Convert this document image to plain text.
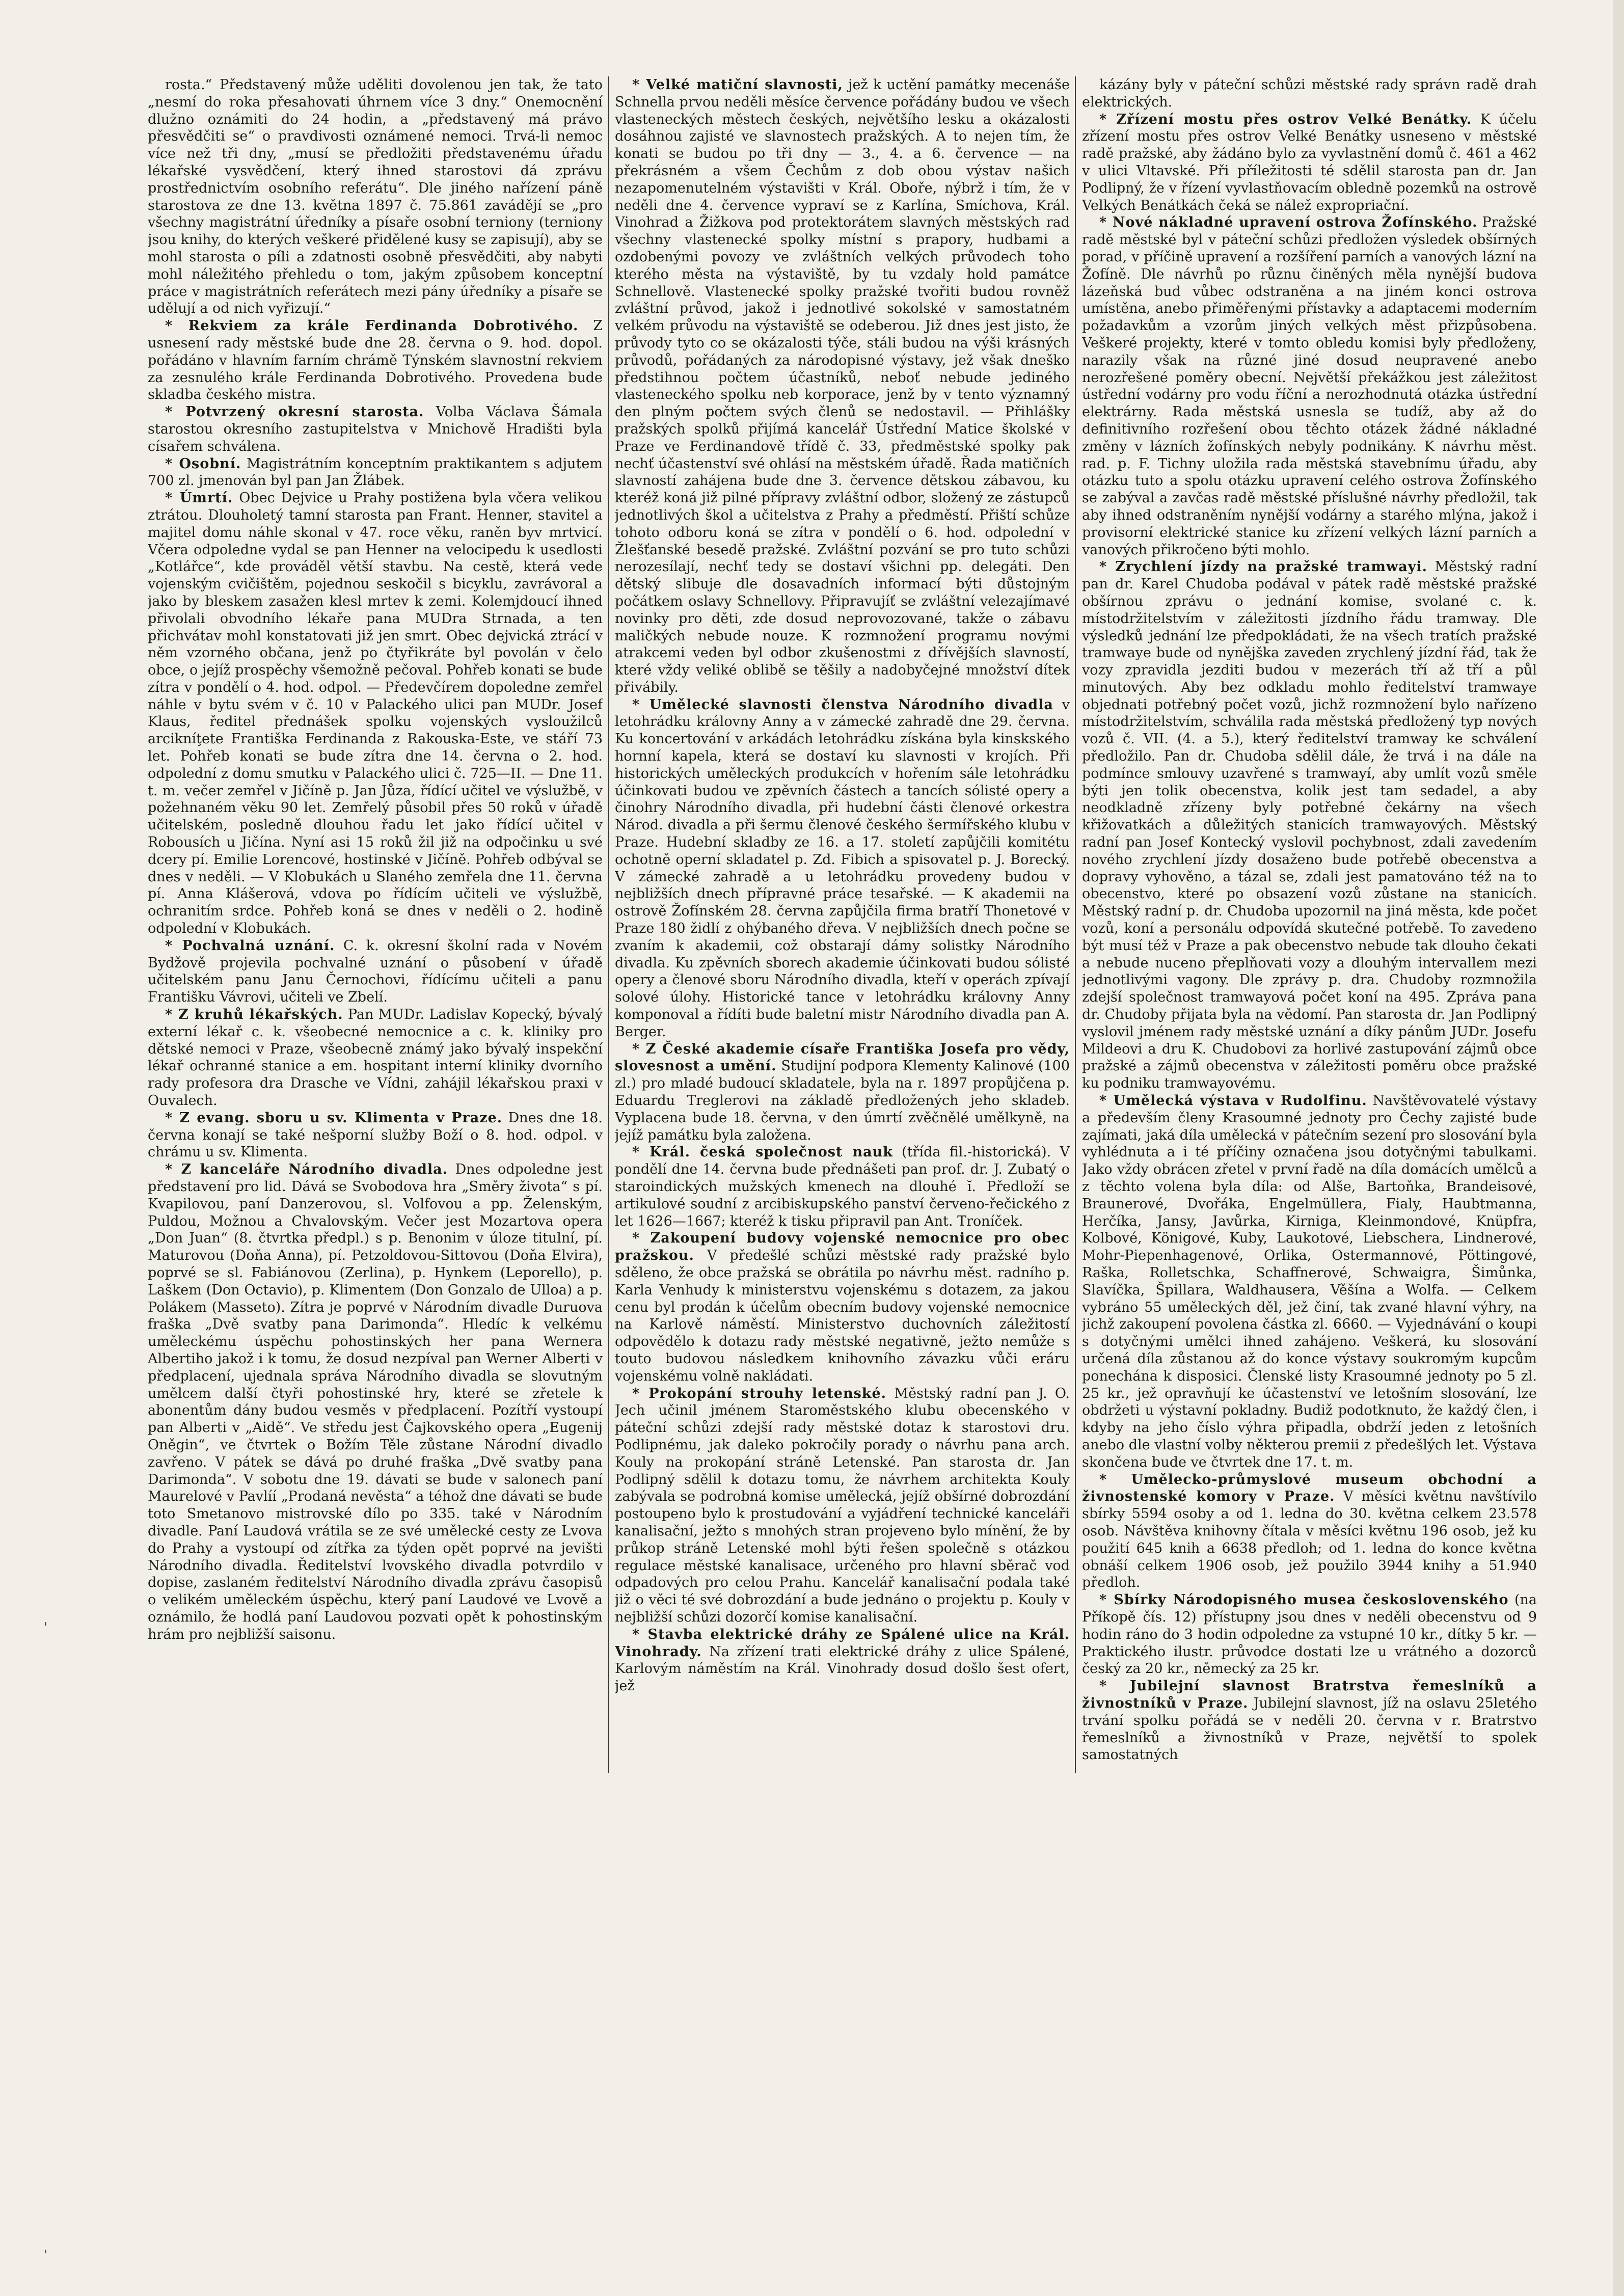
rosta.“ Představený může uděliti dovolenou jen tak, že tato „nesmí do roka přesahovati úhrnem více 3 dny.“ Onemocnění dlužno oznámiti do 24 hodin, a „představený má právo přesvědčiti se“ o pravdivosti oznámené nemoci. Trvá-li nemoc více než tři dny, „musí se předložiti představenému úřadu lékařské vysvědčení, který ihned starostovi dá zprávu prostřednictvím osobního referátu“. Dle jiného nařízení páně starostova ze dne 13. května 1897 č. 75.861 zavádějí se „pro všechny magistrátní úředníky a písaře osobní terniony (terniony jsou knihy, do kterých veškeré přidělené kusy se zapisují), aby se mohl starosta o píli a zdatnosti osobně přesvědčiti, aby nabyti mohl náležitého přehledu o tom, jakým způsobem konceptní práce v magistrátních referátech mezi pány úředníky a písaře se udělují a od nich vyřizují.“

* Rekviem za krále Ferdinanda Dobrotivého. Z usnesení rady městské bude dne 28. června o 9. hod. dopol. pořádáno v hlavním farním chrámě Týnském slavnostní rekviem za zesnulého krále Ferdinanda Dobrotivého. Provedena bude skladba českého mistra.

* Potvrzený okresní starosta. Volba Václava Šámala starostou okresního zastupitelstva v Mnichově Hradišti byla císařem schválena.

* Osobní. Magistrátním konceptním praktikantem s adjutem 700 zl. jmenován byl pan Jan Žlábek.

* Úmrtí. Obec Dejvice u Prahy postižena byla včera velikou ztrátou. Dlouholetý tamní starosta pan Frant. Henner, stavitel a majitel domu náhle skonal v 47. roce věku, raněn byv mrtvicí. Včera odpoledne vydal se pan Henner na velocipedu k usedlosti „Kotlářce“, kde prováděl větší stavbu. Na cestě, která vede vojenským cvičištěm, pojednou seskočil s bicyklu, zavrávoral a jako by bleskem zasažen klesl mrtev k zemi. Kolemjdoucí ihned přivolali obvodního lékaře pana MUDra Strnada, a ten přichvátav mohl konstatovati již jen smrt. Obec dejvická ztrácí v něm vzorného občana, jenž po čtyřikráte byl povolán v čelo obce, o jejíž prospěchy všemožně pečoval. Pohřeb konati se bude zítra v pondělí o 4. hod. odpol. — Předevčírem dopoledne zemřel náhle v bytu svém v č. 10 v Palackého ulici pan MUDr. Josef Klaus, ředitel přednášek spolku vojenských vysloužilců arcikníţete Františka Ferdinanda z Rakouska-Este, ve stáří 73 let. Pohřeb konati se bude zítra dne 14. června o 2. hod. odpolední z domu smutku v Palackého ulici č. 725—II. — Dne 11. t. m. večer zemřel v Jičíně p. Jan Jůza, řídící učitel ve výslužbě, v požehnaném věku 90 let. Zemřelý působil přes 50 roků v úřadě učitelském, posledně dlouhou řadu let jako řídící učitel v Robousích u Jičína. Nyní asi 15 roků žil již na odpočinku u své dcery pí. Emilie Lorencové, hostinské v Jičíně. Pohřeb odbýval se dnes v neděli. — V Klobukách u Slaného zemřela dne 11. června pí. Anna Klášerová, vdova po řídícím učiteli ve výslužbě, ochranitím srdce. Pohřeb koná se dnes v neděli o 2. hodině odpolední v Klobukách.

* Pochvalná uznání. C. k. okresní školní rada v Novém Bydžově projevila pochvalné uznání o působení v úřadě učitelském panu Janu Černochovi, řídícímu učiteli a panu Františku Vávrovi, učiteli ve Zbelí.

* Z kruhů lékařských. Pan MUDr. Ladislav Kopecký, bývalý externí lékař c. k. všeobecné nemocnice a c. k. kliniky pro dětské nemoci v Praze, všeobecně známý jako bývalý inspekční lékař ochranné stanice a em. hospitant interní kliniky dvorního rady profesora dra Drasche ve Vídni, zahájil lékařskou praxi v Ouvalech.

* Z evang. sboru u sv. Klimenta v Praze. Dnes dne 18. června konají se také nešporní služby Boží o 8. hod. odpol. v chrámu u sv. Klimenta.

* Z kanceláře Národního divadla. Dnes odpoledne jest představení pro lid. Dává se Svobodova hra „Směry života“ s pí. Kvapilovou, paní Danzerovou, sl. Volfovou a pp. Želenským, Puldou, Možnou a Chvalovským. Večer jest Mozartova opera „Don Juan“ (8. čtvrtka předpl.) s p. Benonim v úloze titulní, pí. Maturovou (Doňa Anna), pí. Petzoldovou-Sittovou (Doňa Elvira), poprvé se sl. Fabiánovou (Zerlina), p. Hynkem (Leporello), p. Laškem (Don Octavio), p. Klimentem (Don Gonzalo de Ulloa) a p. Polákem (Masseto). Zítra je poprvé v Národním divadle Duruova fraška „Dvě svatby pana Darimonda“. Hledíc k velkému uměleckému úspěchu pohostinských her pana Wernera Albertiho jakož i k tomu, že dosud nezpíval pan Werner Alberti v předplacení, ujednala správa Národního divadla se slovutným umělcem další čtyři pohostinské hry, které se zřetele k abonentům dány budou vesměs v předplacení. Pozítří vystoupí pan Alberti v „Aidě“. Ve středu jest Čajkovského opera „Eugenij Oněgin“, ve čtvrtek o Božím Těle zůstane Národní divadlo zavřeno. V pátek se dává po druhé fraška „Dvě svatby pana Darimonda“. V sobotu dne 19. dávati se bude v salonech paní Maurelové v Pavlíí „Prodaná nevěsta“ a téhož dne dávati se bude toto Smetanovo mistrovské dílo po 335. také v Národním divadle. Paní Laudová vrátila se ze své umělecké cesty ze Lvova do Prahy a vystoupí od zítřka za týden opět poprvé na jevišti Národního divadla. Ředitelství lvovského divadla potvrdilo v dopise, zaslaném ředitelství Národního divadla zprávu časopisů o velikém uměleckém úspěchu, který paní Laudové ve Lvově a oznámilo, že hodlá paní Laudovou pozvati opět k pohostinským hrám pro nejbližší saisonu.

* Velké matiční slavnosti, jež k uctění památky mecenáše Schnella prvou neděli měsíce července pořádány budou ve všech vlasteneckých městech českých, největšího lesku a okázalosti dosáhnou zajisté ve slavnostech pražských. A to nejen tím, že konati se budou po tři dny — 3., 4. a 6. července — na překrásném a všem Čechům z dob obou výstav našich nezapomenutelném výstavišti v Král. Oboře, nýbrž i tím, že v neděli dne 4. července vypraví se z Karlína, Smíchova, Král. Vinohrad a Žižkova pod protektorátem slavných městských rad všechny vlastenecké spolky místní s prapory, hudbami a ozdobenými povozy ve zvláštních velkých průvodech toho kterého města na výstaviště, by tu vzdaly hold památce Schnellově. Vlastenecké spolky pražské tvořiti budou rovněž zvláštní průvod, jakož i jednotlivé sokolské v samostatném velkém průvodu na výstaviště se odeberou. Již dnes jest jisto, že průvody tyto co se okázalosti týče, stáli budou na výši krásných průvodů, pořádaných za národopisné výstavy, jež však dneško předstihnou počtem účastníků, neboť nebude jediného vlasteneckého spolku neb korporace, jenž by v tento významný den plným počtem svých členů se nedostavil. — Přihlášky pražských spolků přijímá kancelář Ústřední Matice školské v Praze ve Ferdinandově třídě č. 33, předměstské spolky pak nechť účastenství své ohlásí na městském úřadě. Řada matičních slavností zahájena bude dne 3. července dětskou zábavou, ku kteréž koná již pilné přípravy zvláštní odbor, složený ze zástupců jednotlivých škol a učitelstva z Prahy a předměstí. Přiští schůze tohoto odboru koná se zítra v pondělí o 6. hod. odpolední v Žlešťanské besedě pražské. Zvláštní pozvání se pro tuto schůzi nerozesílají, nechť tedy se dostaví všichni pp. delegáti. Den dětský slibuje dle dosavadních informací býti důstojným počátkem oslavy Schnellovy. Připravujíť se zvláštní velezajímavé novinky pro děti, zde dosud neprovozované, takže o zábavu maličkých nebude nouze. K rozmnožení programu novými atrakcemi veden byl odbor zkušenostmi z dřívějších slavností, které vždy veliké oblibě se těšily a nadobyčejné množství dítek přivábily.

* Umělecké slavnosti členstva Národního divadla v letohrádku královny Anny a v zámecké zahradě dne 29. června. Ku koncertování v arkádách letohrádku získána byla kinskského hornní kapela, která se dostaví ku slavnosti v krojích. Při historických uměleckých produkcích v hořením sále letohrádku účinkovati budou ve zpěvních částech a tancích sólisté opery a činohry Národního divadla, při hudební části členové orkestra Národ. divadla a při šermu členové českého šermířského klubu v Praze. Hudební skladby ze 16. a 17. století zapůjčili komitétu ochotně operní skladatel p. Zd. Fibich a spisovatel p. J. Borecký. V zámecké zahradě a u letohrádku provedeny budou v nejbližších dnech přípravné práce tesařské. — K akademii na ostrově Žofínském 28. června zapůjčila firma bratří Thonetové v Praze 180 židlí z ohýbaného dřeva. V nejbližších dnech počne se zvaním k akademii, což obstarají dámy solistky Národního divadla. Ku zpěvních sborech akademie účinkovati budou sólisté opery a členové sboru Národního divadla, kteří v operách zpívají solové úlohy. Historické tance v letohrádku královny Anny komponoval a řídíti bude baletní mistr Národního divadla pan A. Berger.

* Z České akademie císaře Františka Josefa pro vědy, slovesnost a umění. Studijní podpora Klementy Kalinové (100 zl.) pro mladé budoucí skladatele, byla na r. 1897 propůjčena p. Eduardu Treglerovi na základě předložených jeho skladeb. Vyplacena bude 18. června, v den úmrtí zvěčnělé umělkyně, na jejíž památku byla založena.

* Král. česká společnost nauk (třída fil.-historická). V pondělí dne 14. června bude přednášeti pan prof. dr. J. Zubatý o staroindických mužských kmenech na dlouhé ĭ. Předloží se artikulové soudní z arcibiskupského panství červeno-řečického z let 1626—1667; kteréž k tisku připravil pan Ant. Troníček.

* Zakoupení budovy vojenské nemocnice pro obec pražskou. V předešlé schůzi městské rady pražské bylo sděleno, že obce pražská se obrátila po návrhu měst. radního p. Karla Venhudy k ministerstvu vojenskému s dotazem, za jakou cenu byl prodán k účelům obecním budovy vojenské nemocnice na Karlově náměstí. Ministerstvo duchovních záležitostí odpovědělo k dotazu rady městské negativně, ježto nemůže s touto budovou následkem knihovního závazku vůči eráru vojenskému volně nakládati.

* Prokopání strouhy letenské. Městský radní pan J. O. Jech učinil jménem Staroměstského klubu obecenského v páteční schůzi zdejší rady městské dotaz k starostovi dru. Podlipnému, jak daleko pokročily porady o návrhu pana arch. Kouly na prokopání stráně Letenské. Pan starosta dr. Jan Podlipný sdělil k dotazu tomu, že návrhem architekta Kouly zabývala se podrobná komise umělecká, jejíž obšírné dobrozdání postoupeno bylo k prostudování a vyjádření technické kanceláři kanalisační, ježto s mnohých stran projeveno bylo mínění, že by průkop stráně Letenské mohl býti řešen společně s otázkou regulace městské kanalisace, určeného pro hlavní sběrač vod odpadových pro celou Prahu. Kancelář kanalisační podala také již o věci té své dobrozdání a bude jednáno o projektu p. Kouly v nejbližší schůzi dozorčí komise kanalisační.

* Stavba elektrické dráhy ze Spálené ulice na Král. Vinohrady. Na zřízení trati elektrické dráhy z ulice Spálené, Karlovým náměstím na Král. Vinohrady dosud došlo šest ofert, jež

kázány byly v páteční schůzi městské rady správn radě drah elektrických.

* Zřízení mostu přes ostrov Velké Benátky. K účelu zřízení mostu přes ostrov Velké Benátky usneseno v městské radě pražské, aby žádáno bylo za vyvlastnění domů č. 461 a 462 v ulici Vltavské. Při příležitosti té sdělil starosta pan dr. Jan Podlipný, že v řízení vyvlastňovacím obledně pozemků na ostrově Velkých Benátkách čeká se nálež expropriační.

* Nové nákladné upravení ostrova Žofínského. Pražské radě městské byl v páteční schůzi předložen výsledek obšírných porad, v příčině upravení a rozšíření parních a vanových lázní na Žofíně. Dle návrhů po různu činěných měla nynější budova lázeňská bud vůbec odstraněna a na jiném konci ostrova umístěna, anebo přiměřenými přístavky a adaptacemi moderním požadavkům a vzorům jiných velkých měst přizpůsobena. Veškeré projekty, které v tomto obledu komisi byly předloženy, narazily však na různé jiné dosud neupravené anebo nerozřešené poměry obecní. Největší překážkou jest záležitost ústřední vodárny pro vodu říční a nerozhodnutá otázka ústřední elektrárny. Rada městská usnesla se tudíž, aby až do definitivního rozřešení obou těchto otázek žádné nákladné změny v lázních žofínských nebyly podnikány. K návrhu měst. rad. p. F. Tichny uložila rada městská stavebnímu úřadu, aby otázku tuto a spolu otázku upravení celého ostrova Žofínského se zabýval a zavčas radě městské příslušné návrhy předložil, tak aby ihned odstraněním nynější vodárny a starého mlýna, jakož i provisorní elektrické stanice ku zřízení velkých lázní parních a vanových přikročeno býti mohlo.

* Zrychlení jízdy na pražské tramwayi. Městský radní pan dr. Karel Chudoba podával v pátek radě městské pražské obšírnou zprávu o jednání komise, svolané c. k. místodržitelstvím v záležitosti jízdního řádu tramway. Dle výsledků jednání lze předpokládati, že na všech tratích pražské tramwaye bude od nynějška zaveden zrychlený jízdní řád, tak že vozy zpravidla jezditi budou v mezerách tří až tří a půl minutových. Aby bez odkladu mohlo ředitelství tramwaye objednati potřebný počet vozů, jichž rozmnožení bylo nařízeno místodržitelstvím, schválila rada městská předložený typ nových vozů č. VII. (4. a 5.), který ředitelství tramway ke schválení předložilo. Pan dr. Chudoba sdělil dále, že trvá i na dále na podmínce smlouvy uzavřené s tramwayí, aby umlít vozů směle býti jen tolik obecenstva, kolik jest tam sedadel, a aby neodkladně zřízeny byly potřebné čekárny na všech křižovatkách a důležitých stanicích tramwayových. Městský radní pan Josef Kontecký vyslovil pochybnost, zdali zavedením nového zrychlení jízdy dosaženo bude potřebě obecenstva a dopravy vyhověno, a tázal se, zdali jest pamatováno též na to obecenstvo, které po obsazení vozů zůstane na stanicích. Městský radní p. dr. Chudoba upozornil na jiná města, kde počet vozů, koní a personálu odpovídá skutečné potřebě. To zavedeno být musí též v Praze a pak obecenstvo nebude tak dlouho čekati a nebude nuceno přeplňovati vozy a dlouhým intervallem mezi jednotlivými vagony. Dle zprávy p. dra. Chudoby rozmnožila zdejší společnost tramwayová počet koní na 495. Zpráva pana dr. Chudoby přijata byla na vědomí. Pan starosta dr. Jan Podlipný vyslovil jménem rady městské uznání a díky pánům JUDr. Josefu Mildeovi a dru K. Chudobovi za horlivé zastupování zájmů obce pražské a zájmů obecenstva v záležitosti poměru obce pražské ku podniku tramwayovému.

* Umělecká výstava v Rudolfinu. Navštěvovatelé výstavy a především členy Krasoumné jednoty pro Čechy zajisté bude zajímati, jaká díla umělecká v pátečním sezení pro slosování byla vyhlédnuta a i té příčiny označena jsou dotyčnými tabulkami. Jako vždy obrácen zřetel v první řadě na díla domácích umělců a z těchto volena byla díla: od Alše, Bartoňka, Brandeisové, Braunerové, Dvořáka, Engelmüllera, Fialy, Haubtmanna, Herčíka, Jansy, Javůrka, Kirnigа, Kleinmondové, Knüpfra, Kolbové, Königové, Kuby, Laukotové, Liebschera, Lindnerové, Mohr-Piepenhagenové, Orlika, Ostermannové, Pöttingové, Raška, Rolletschka, Schaffnerové, Schwaigra, Šimůnka, Slavíčka, Špillara, Waldhausera, Věšína a Wolfa. — Celkem vybráno 55 uměleckých děl, jež činí, tak zvané hlavní výhry, na jichž zakoupení povolena částka zl. 6660. — Vyjednávání o koupi s dotyčnými umělci ihned zahájeno. Veškerá, ku slosování určená díla zůstanou až do konce výstavy soukromým kupcům ponechána k disposici. Členské listy Krasoumné jednoty po 5 zl. 25 kr., jež opravňují ke účastenství ve letošním slosování, lze obdržeti u výstavní pokladny. Budiž podotknuto, že každý člen, i kdyby na jeho číslo výhra připadla, obdrží jeden z letošních anebo dle vlastní volby některou premii z předešlých let. Výstava skončena bude ve čtvrtek dne 17. t. m.

* Umělecko-průmyslové museum obchodní a živnostenské komory v Praze. V měsíci květnu navštívilo sbírky 5594 osoby a od 1. ledna do 30. května celkem 23.578 osob. Návštěva knihovny čítala v měsíci květnu 196 osob, jež ku použití 645 knih a 6638 předloh; od 1. ledna do konce května obnáší celkem 1906 osob, jež použilo 3944 knihy a 51.940 předloh.

* Sbírky Národopisného musea československého (na Příkopě čís. 12) přístupny jsou dnes v neděli obecenstvu od 9 hodin ráno do 3 hodin odpoledne za vstupné 10 kr., dítky 5 kr. — Praktického ilustr. průvodce dostati lze u vrátného a dozorců český za 20 kr., německý za 25 kr.

* Jubilejní slavnost Bratrstva řemeslníků a živnostníků v Praze. Jubilejní slavnost, jíž na oslavu 25letého trvání spolku pořádá se v neděli 20. června v r. Bratrstvo řemeslníků a živnostníků v Praze, největší to spolek samostatných

'
'
